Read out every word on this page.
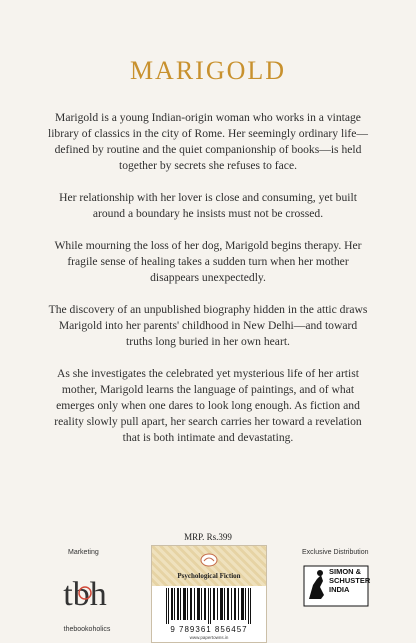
MARIGOLD

Marigold is a young Indian-origin woman who works in a vintage library of classics in the city of Rome. Her seemingly ordinary life—defined by routine and the quiet companionship of books—is held together by secrets she refuses to face.

Her relationship with her lover is close and consuming, yet built around a boundary he insists must not be crossed.

While mourning the loss of her dog, Marigold begins therapy. Her fragile sense of healing takes a sudden turn when her mother disappears unexpectedly.

The discovery of an unpublished biography hidden in the attic draws Marigold into her parents' childhood in New Delhi—and toward truths long buried in her own heart.

As she investigates the celebrated yet mysterious life of her artist mother, Marigold learns the language of paintings, and of what emerges only when one dares to look long enough. As fiction and reality slowly pull apart, her search carries her toward a revelation that is both intimate and devastating.

Marketing
tbh
thebookoholics
MRP. Rs.399
Psychological Fiction
9 789361 856457
www.papertowns.in
Exclusive Distribution
SIMON &
SCHUSTER
INDIA
